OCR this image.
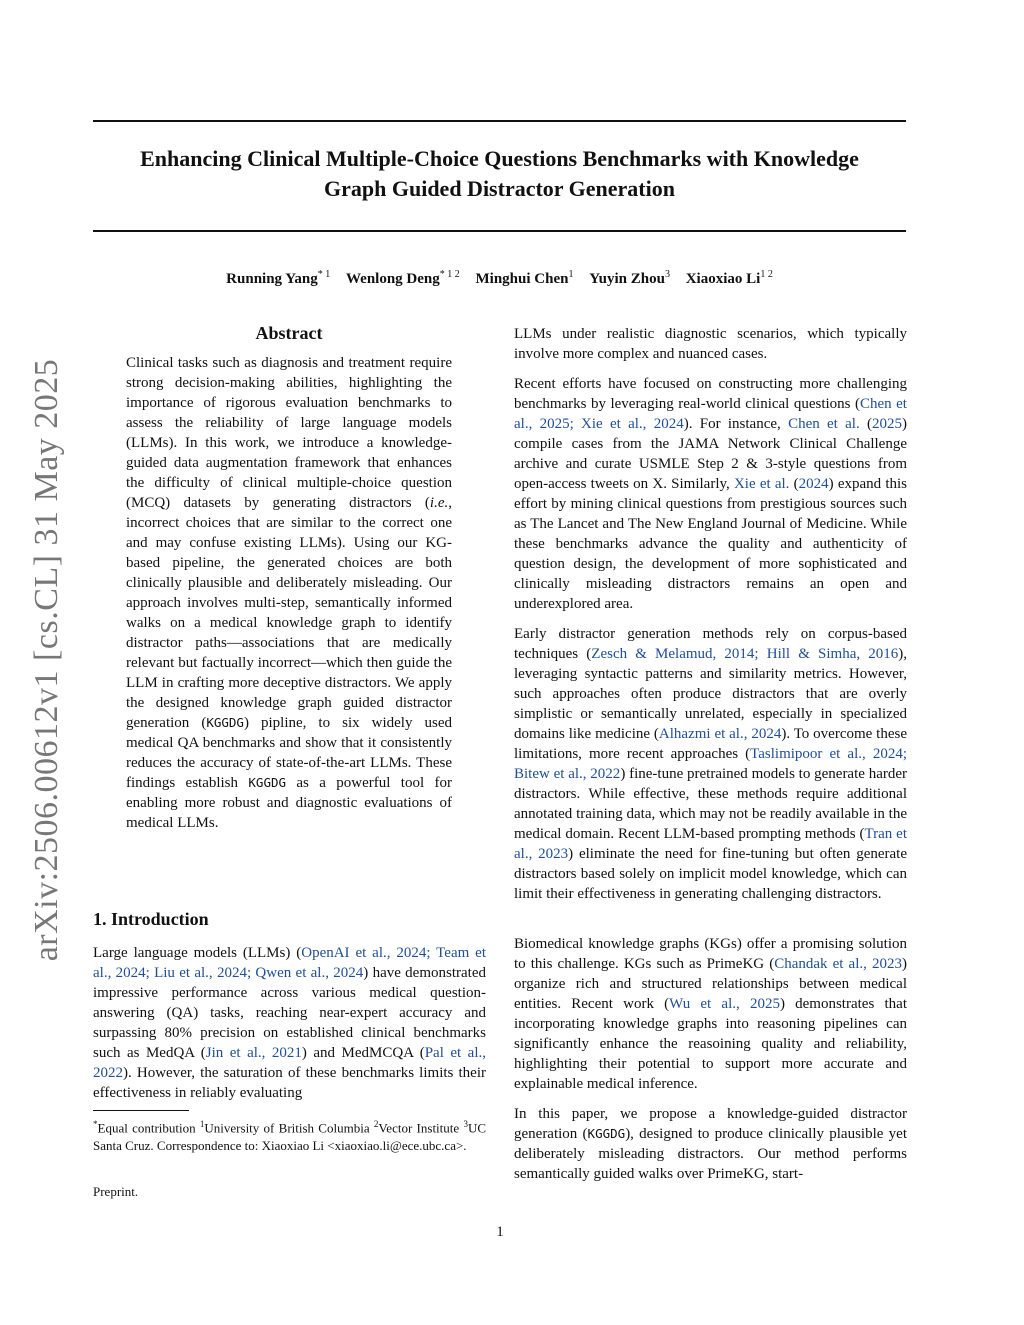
arXiv:2506.00612v1 [cs.CL] 31 May 2025
Enhancing Clinical Multiple-Choice Questions Benchmarks with Knowledge
Graph Guided Distractor Generation
Running Yang$^{* 1}$ Wenlong Deng$^{* 1 2}$ Minghui Chen$^1$ Yuyin Zhou$^3$ Xiaoxiao $Li^{1 2}$
Abstract

Clinical tasks such as diagnosis and treatment require strong decision-making abilities, highlighting the importance of rigorous evaluation benchmarks to assess the reliability of large language models (LLMs). In this work, we introduce a knowledge-guided data augmentation framework that enhances the difficulty of clinical multiple-choice question (MCQ) datasets by generating distractors (i.e., incorrect choices that are similar to the correct one and may confuse existing LLMs). Using our KG-based pipeline, the generated choices are both clinically plausible and deliberately misleading. Our approach involves multi-step, semantically informed walks on a medical knowledge graph to identify distractor paths—associations that are medically relevant but factually incorrect—which then guide the LLM in crafting more deceptive distractors. We apply the designed knowledge graph guided distractor generation (KGGDG) pipline, to six widely used medical QA benchmarks and show that it consistently reduces the accuracy of state-of-the-art LLMs. These findings establish KGGDG as a powerful tool for enabling more robust and diagnostic evaluations of medical LLMs.

1. Introduction

Large language models (LLMs) (OpenAI et al., 2024; Team et al., 2024; Liu et al., 2024; Qwen et al., 2024) have demonstrated impressive performance across various medical question-answering (QA) tasks, reaching near-expert accuracy and surpassing 80% precision on established clinical benchmarks such as MedQA (Jin et al., 2021) and MedMCQA (Pal et al., 2022). However, the saturation of these benchmarks limits their effectiveness in reliably evaluating

*Equal contribution $^1$University of British Columbia $^2$Vector Institute $^3$UC Santa Cruz. Correspondence to: Xiaoxiao Li <xiaoxiao.li@ece.ubc.ca>.

Preprint.
1

LLMs under realistic diagnostic scenarios, which typically involve more complex and nuanced cases.

Recent efforts have focused on constructing more challenging benchmarks by leveraging real-world clinical questions (Chen et al., 2025; Xie et al., 2024). For instance, Chen et al. (2025) compile cases from the JAMA Network Clinical Challenge archive and curate USMLE Step 2 & 3-style questions from open-access tweets on X. Similarly, Xie et al. (2024) expand this effort by mining clinical questions from prestigious sources such as The Lancet and The New England Journal of Medicine. While these benchmarks advance the quality and authenticity of question design, the development of more sophisticated and clinically misleading distractors remains an open and underexplored area.

Early distractor generation methods rely on corpus-based techniques (Zesch & Melamud, 2014; Hill & Simha, 2016), leveraging syntactic patterns and similarity metrics. However, such approaches often produce distractors that are overly simplistic or semantically unrelated, especially in specialized domains like medicine (Alhazmi et al., 2024). To overcome these limitations, more recent approaches (Taslimipoor et al., 2024; Bitew et al., 2022) fine-tune pretrained models to generate harder distractors. While effective, these methods require additional annotated training data, which may not be readily available in the medical domain. Recent LLM-based prompting methods (Tran et al., 2023) eliminate the need for fine-tuning but often generate distractors based solely on implicit model knowledge, which can limit their effectiveness in generating challenging distractors.

Biomedical knowledge graphs (KGs) offer a promising solution to this challenge. KGs such as PrimeKG (Chandak et al., 2023) organize rich and structured relationships between medical entities. Recent work (Wu et al., 2025) demonstrates that incorporating knowledge graphs into reasoning pipelines can significantly enhance the reasoining quality and reliability, highlighting their potential to support more accurate and explainable medical inference.

In this paper, we propose a knowledge-guided distractor generation (KGGDG), designed to produce clinically plausible yet deliberately misleading distractors. Our method performs semantically guided walks over PrimeKG, start-
